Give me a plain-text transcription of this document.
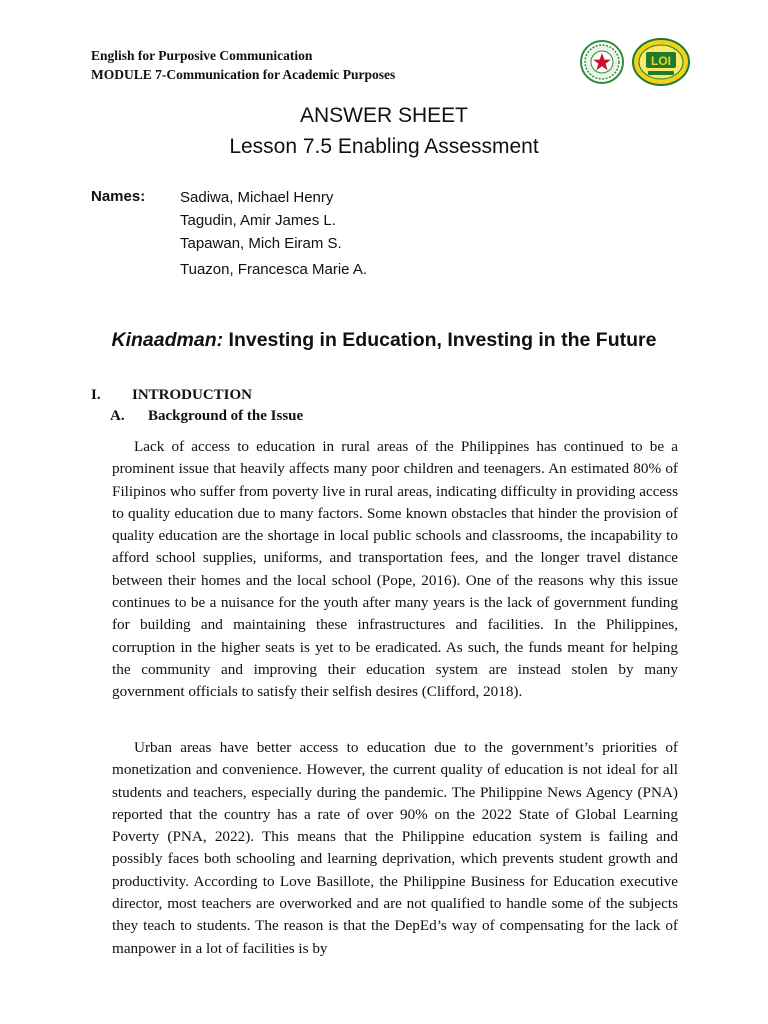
English for Purposive Communication
MODULE 7-Communication for Academic Purposes
LOI
ANSWER SHEET
Lesson 7.5 Enabling Assessment
Names: Sadiwa, Michael Henry
Tagudin, Amir James L.
Tapawan, Mich Eiram S.
Tuazon, Francesca Marie A.
Kinaadman: Investing in Education, Investing in the Future
I. INTRODUCTION
A. Background of the Issue

Lack of access to education in rural areas of the Philippines has continued to be a prominent issue that heavily affects many poor children and teenagers. An estimated 80% of Filipinos who suffer from poverty live in rural areas, indicating difficulty in providing access to quality education due to many factors. Some known obstacles that hinder the provision of quality education are the shortage in local public schools and classrooms, the incapability to afford school supplies, uniforms, and transportation fees, and the longer travel distance between their homes and the local school (Pope, 2016). One of the reasons why this issue continues to be a nuisance for the youth after many years is the lack of government funding for building and maintaining these infrastructures and facilities. In the Philippines, corruption in the higher seats is yet to be eradicated. As such, the funds meant for helping the community and improving their education system are instead stolen by many government officials to satisfy their selfish desires (Clifford, 2018).

Urban areas have better access to education due to the government’s priorities of monetization and convenience. However, the current quality of education is not ideal for all students and teachers, especially during the pandemic. The Philippine News Agency (PNA) reported that the country has a rate of over 90% on the 2022 State of Global Learning Poverty (PNA, 2022). This means that the Philippine education system is failing and possibly faces both schooling and learning deprivation, which prevents student growth and productivity. According to Love Basillote, the Philippine Business for Education executive director, most teachers are overworked and are not qualified to handle some of the subjects they teach to students. The reason is that the DepEd’s way of compensating for the lack of manpower in a lot of facilities is by
